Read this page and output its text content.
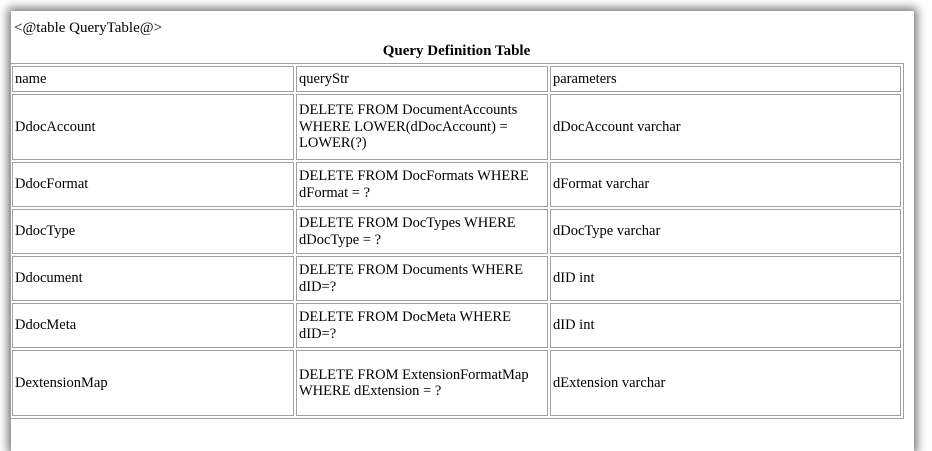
<@table QueryTable@>
Query Definition Table
name	queryStr	parameters
DdocAccount	DELETE FROM DocumentAccounts WHERE LOWER(dDocAccount) = LOWER(?)	dDocAccount varchar
DdocFormat	DELETE FROM DocFormats WHERE dFormat = ?	dFormat varchar
DdocType	DELETE FROM DocTypes WHERE dDocType = ?	dDocType varchar
Ddocument	DELETE FROM Documents WHERE dID=?	dID int
DdocMeta	DELETE FROM DocMeta WHERE dID=?	dID int
DextensionMap	DELETE FROM ExtensionFormatMap WHERE dExtension = ?	dExtension varchar
